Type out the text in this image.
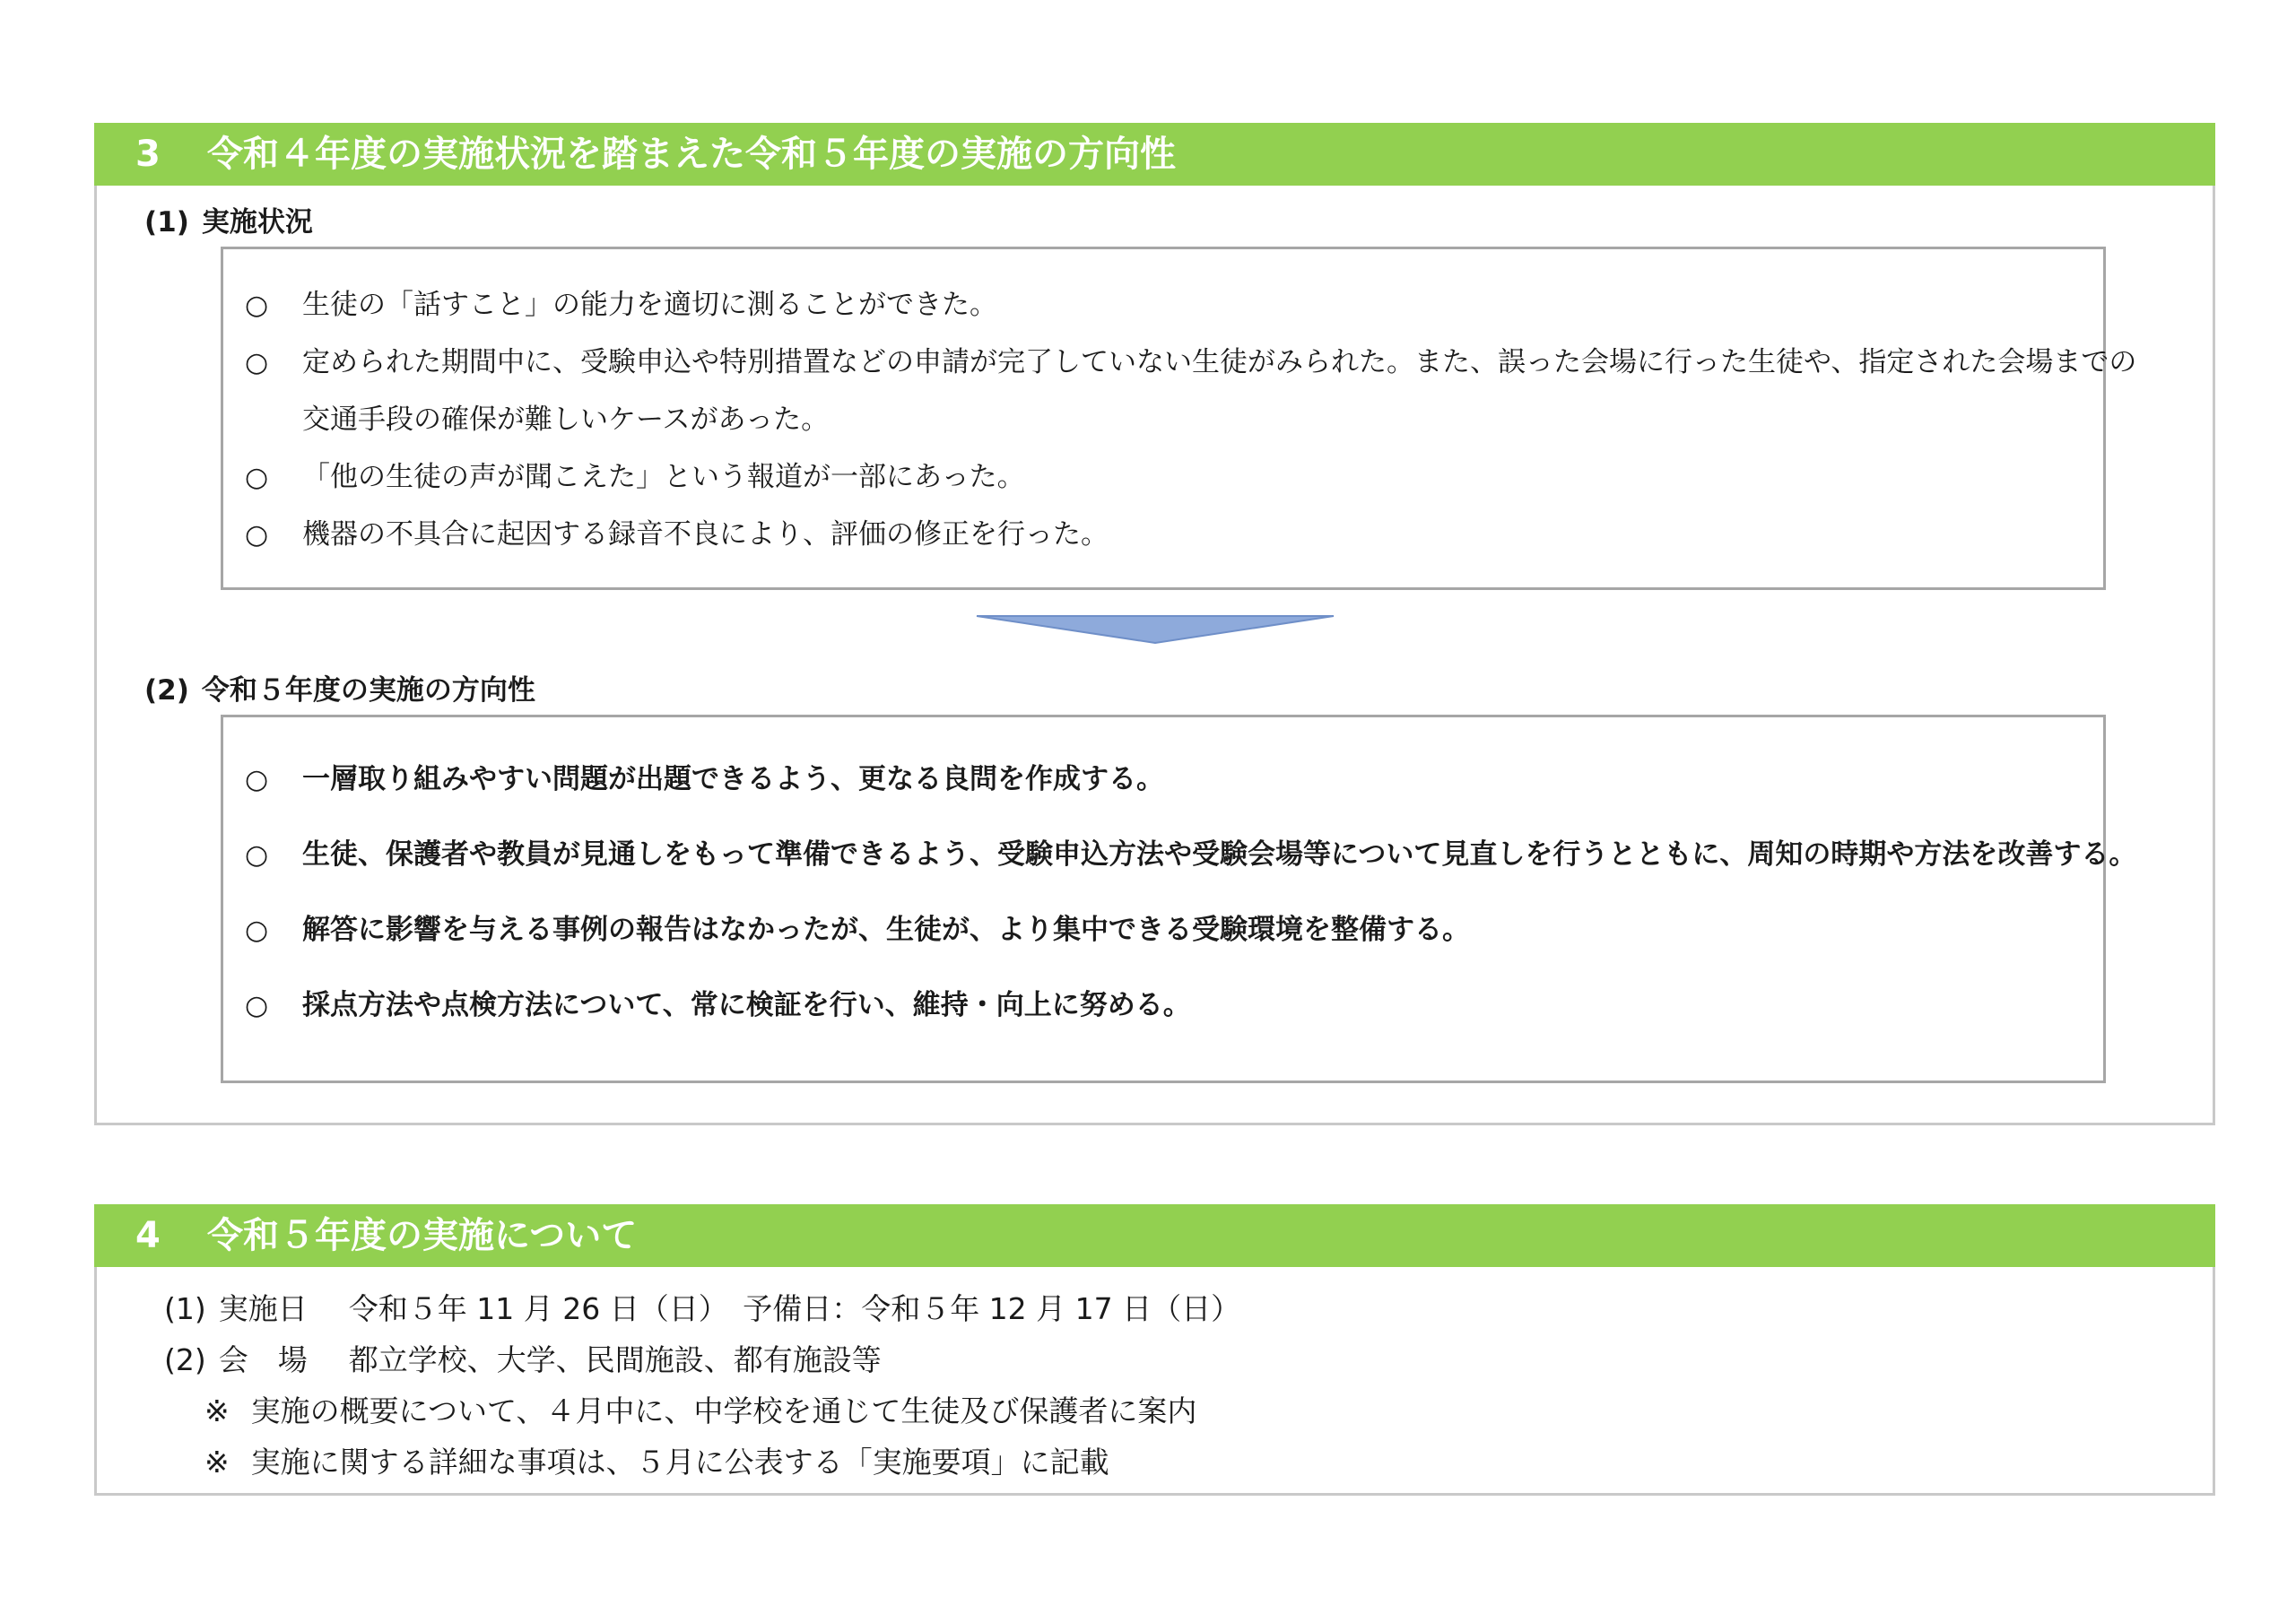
3 令和４年度の実施状況を踏まえた令和５年度の実施の方向性
(1) 実施状況
○ 生徒の「話すこと」の能力を適切に測ることができた。
○ 定められた期間中に、受験申込や特別措置などの申請が完了していない生徒がみられた。また、誤った会場に行った生徒や、指定された会場までの
交通手段の確保が難しいケースがあった。
○ 「他の生徒の声が聞こえた」という報道が一部にあった。
○ 機器の不具合に起因する録音不良により、評価の修正を行った。
(2) 令和５年度の実施の方向性
○ 一層取り組みやすい問題が出題できるよう、更なる良問を作成する。
○ 生徒、保護者や教員が見通しをもって準備できるよう、受験申込方法や受験会場等について見直しを行うとともに、周知の時期や方法を改善する。
○ 解答に影響を与える事例の報告はなかったが、生徒が、より集中できる受験環境を整備する。
○ 採点方法や点検方法について、常に検証を行い、維持・向上に努める。
4 令和５年度の実施について
(1) 実施日 令和５年 11 月 26 日（日）　予備日：令和５年 12 月 17 日（日）
(2) 会　場 都立学校、大学、民間施設、都有施設等
※ 実施の概要について、４月中に、中学校を通じて生徒及び保護者に案内
※ 実施に関する詳細な事項は、５月に公表する「実施要項」に記載
